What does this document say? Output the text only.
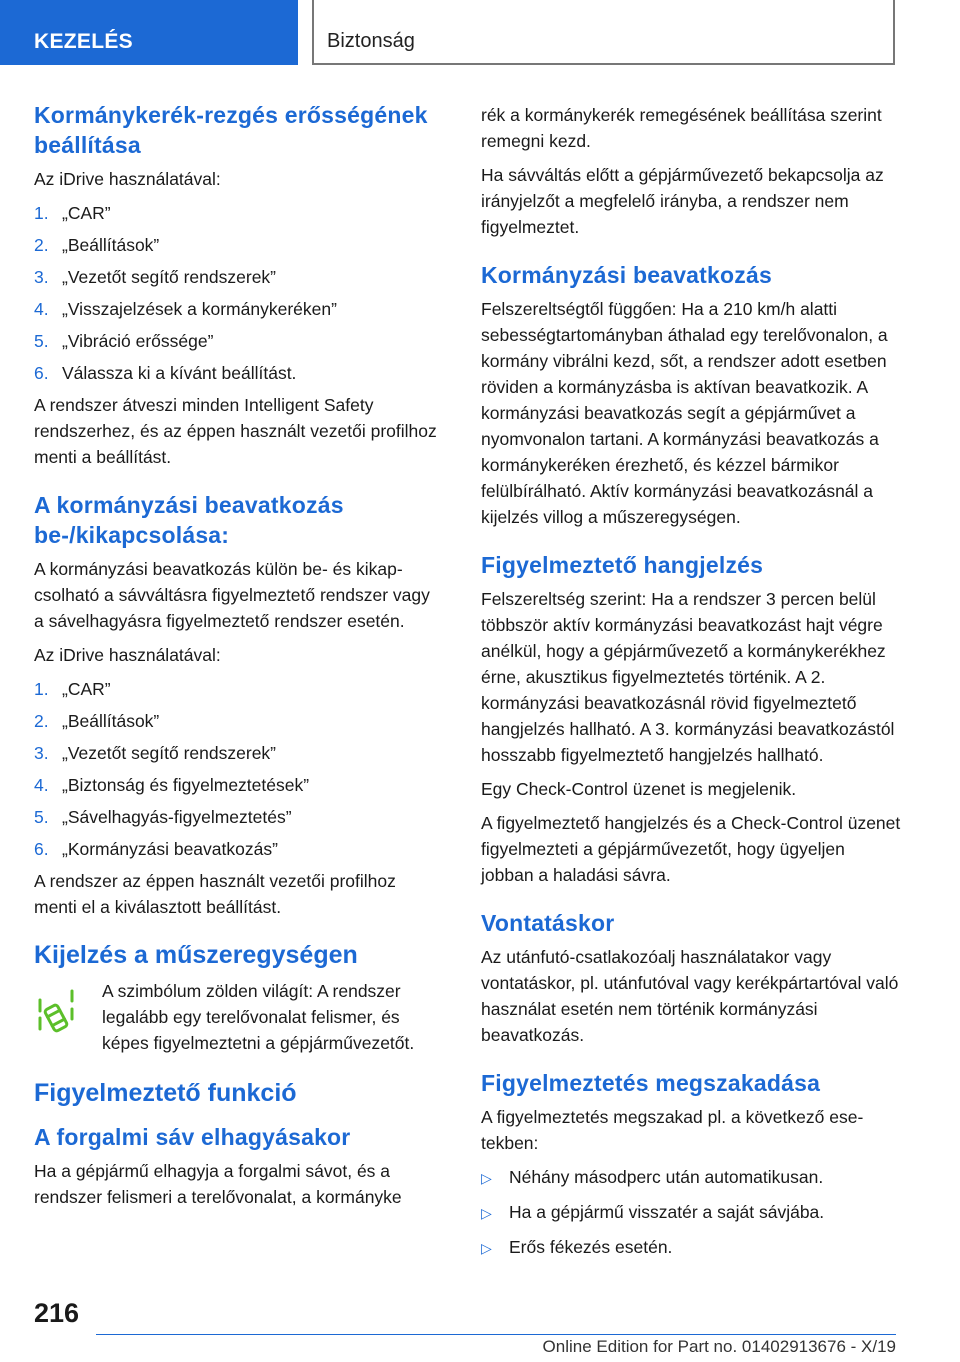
KEZELÉS	Biztonság
Kormánykerék-rezgés erősségének beállítása

Az iDrive használatával:

1. „CAR”
2. „Beállítások”
3. „Vezetőt segítő rendszerek”
4. „Visszajelzések a kormánykeréken”
5. „Vibráció erőssége”
6. Válassza ki a kívánt beállítást.

A rendszer átveszi minden Intelligent Safety rendszerhez, és az éppen használt vezetői profilhoz menti a beállítást.

A kormányzási beavatkozás be-/kikapcsolása:

A kormányzási beavatkozás külön be- és kikapcsolható a sávváltásra figyelmeztető rendszer vagy a sávelhagyásra figyelmeztető rendszer esetén.

Az iDrive használatával:

1. „CAR”
2. „Beállítások”
3. „Vezetőt segítő rendszerek”
4. „Biztonság és figyelmeztetések”
5. „Sávelhagyás-figyelmeztetés”
6. „Kormányzási beavatkozás”

A rendszer az éppen használt vezetői profilhoz menti el a kiválasztott beállítást.

Kijelzés a műszeregységen

A szimbólum zölden világít: A rendszer legalább egy terelővonalat felismer, és képes figyelmeztetni a gépjárművezetőt.

Figyelmeztető funkció
A forgalmi sáv elhagyásakor

Ha a gépjármű elhagyja a forgalmi sávot, és a rendszer felismeri a terelővonalat, a kormányke

rék a kormánykerék remegésének beállítása szerint remegni kezd.

Ha sávváltás előtt a gépjárművezető bekapcsolja az irányjelzőt a megfelelő irányba, a rendszer nem figyelmeztet.

Kormányzási beavatkozás

Felszereltségtől függően: Ha a 210 km/h alatti sebességtartományban áthalad egy terelővonalon, a kormány vibrálni kezd, sőt, a rendszer adott esetben röviden a kormányzásba is aktívan beavatkozik. A kormányzási beavatkozás segít a gépjárművet a nyomvonalon tartani. A kormányzási beavatkozás a kormánykeréken érezhető, és kézzel bármikor felülbírálható. Aktív kormányzási beavatkozásnál a kijelzés villog a műszeregységen.

Figyelmeztető hangjelzés

Felszereltség szerint: Ha a rendszer 3 percen belül többször aktív kormányzási beavatkozást hajt végre anélkül, hogy a gépjárművezető a kormánykerékhez érne, akusztikus figyelmeztetés történik. A 2. kormányzási beavatkozásnál rövid figyelmeztető hangjelzés hallható. A 3. kormányzási beavatkozástól hosszabb figyelmeztető hangjelzés hallható.

Egy Check-Control üzenet is megjelenik.

A figyelmeztető hangjelzés és a Check-Control üzenet figyelmezteti a gépjárművezetőt, hogy ügyeljen jobban a haladási sávra.

Vontatáskor

Az utánfutó-csatlakozóalj használatakor vagy vontatáskor, pl. utánfutóval vagy kerékpártartóval való használat esetén nem történik kormányzási beavatkozás.

Figyelmeztetés megszakadása

A figyelmeztetés megszakad pl. a következő esetekben:

▷ Néhány másodperc után automatikusan.
▷ Ha a gépjármű visszatér a saját sávjába.
▷ Erős fékezés esetén.
216
Online Edition for Part no. 01402913676 - X/19
